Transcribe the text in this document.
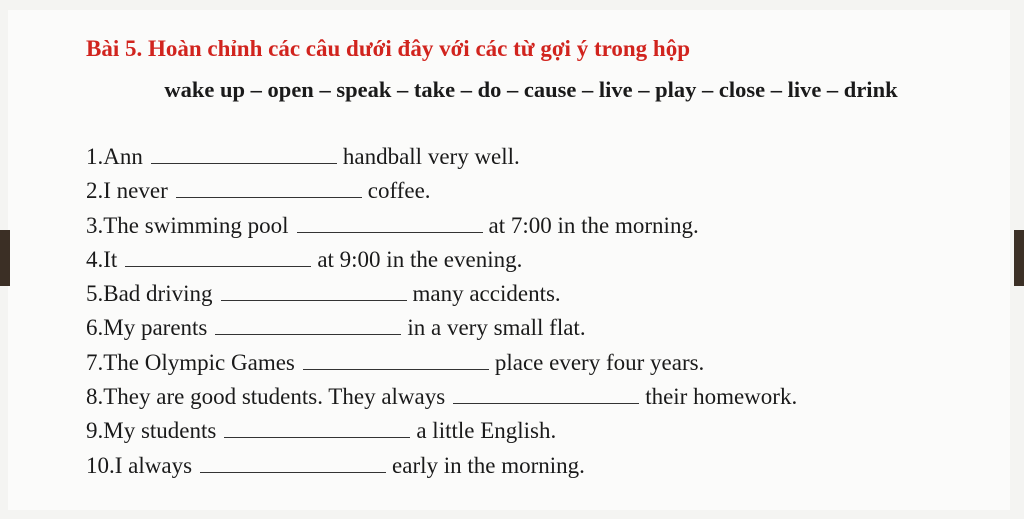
Bài 5. Hoàn chỉnh các câu dưới đây với các từ gợi ý trong hộp
wake up – open – speak – take – do – cause – live – play – close – live – drink
1.Ann	handball very well.
2.I never	coffee.
3.The swimming pool	at 7:00 in the morning.
4.It	at 9:00 in the evening.
5.Bad driving	many accidents.
6.My parents	in a very small flat.
7.The Olympic Games	place every four years.
8.They are good students. They always	their homework.
9.My students	a little English.
10.I always	early in the morning.
